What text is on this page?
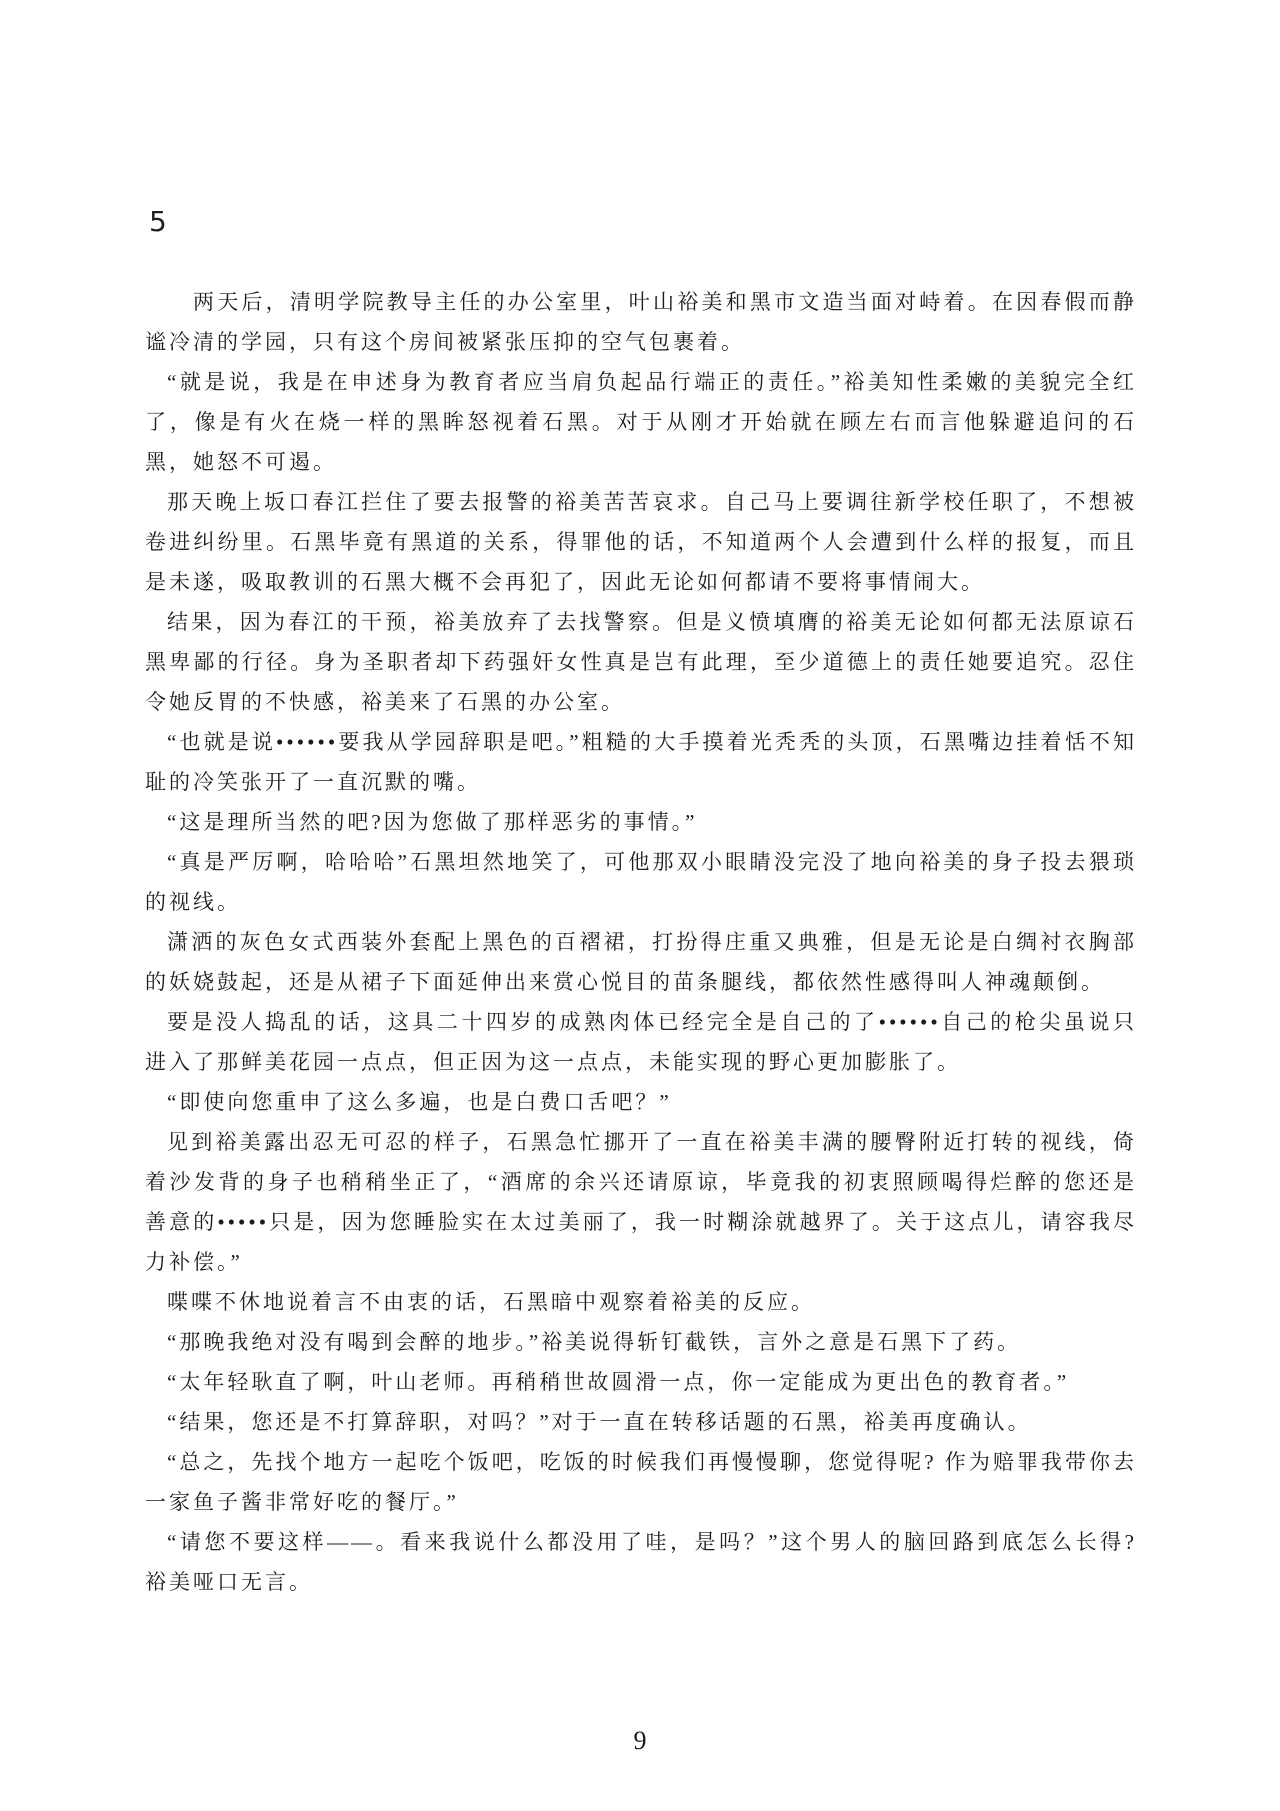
5

两天后，清明学院教导主任的办公室里，叶山裕美和黑市文造当面对峙着。在因春假而静谧冷清的学园，只有这个房间被紧张压抑的空气包裹着。

“就是说，我是在申述身为教育者应当肩负起品行端正的责任。”裕美知性柔嫩的美貌完全红了，像是有火在烧一样的黑眸怒视着石黑。对于从刚才开始就在顾左右而言他躲避追问的石黑，她怒不可遏。

那天晚上坂口春江拦住了要去报警的裕美苦苦哀求。自己马上要调往新学校任职了，不想被卷进纠纷里。石黑毕竟有黑道的关系，得罪他的话，不知道两个人会遭到什么样的报复，而且是未遂，吸取教训的石黑大概不会再犯了，因此无论如何都请不要将事情闹大。

结果，因为春江的干预，裕美放弃了去找警察。但是义愤填膺的裕美无论如何都无法原谅石黑卑鄙的行径。身为圣职者却下药强奸女性真是岂有此理，至少道德上的责任她要追究。忍住令她反胃的不快感，裕美来了石黑的办公室。

“也就是说••••••要我从学园辞职是吧。”粗糙的大手摸着光秃秃的头顶，石黑嘴边挂着恬不知耻的冷笑张开了一直沉默的嘴。

“这是理所当然的吧?因为您做了那样恶劣的事情。”

“真是严厉啊，哈哈哈”石黑坦然地笑了，可他那双小眼睛没完没了地向裕美的身子投去猥琐的视线。

潇洒的灰色女式西装外套配上黑色的百褶裙，打扮得庄重又典雅，但是无论是白绸衬衣胸部的妖娆鼓起，还是从裙子下面延伸出来赏心悦目的苗条腿线，都依然性感得叫人神魂颠倒。

要是没人捣乱的话，这具二十四岁的成熟肉体已经完全是自己的了••••••自己的枪尖虽说只进入了那鲜美花园一点点，但正因为这一点点，未能实现的野心更加膨胀了。

“即使向您重申了这么多遍，也是白费口舌吧？”

见到裕美露出忍无可忍的样子，石黑急忙挪开了一直在裕美丰满的腰臀附近打转的视线，倚着沙发背的身子也稍稍坐正了，“酒席的余兴还请原谅，毕竟我的初衷照顾喝得烂醉的您还是善意的•••••只是，因为您睡脸实在太过美丽了，我一时糊涂就越界了。关于这点儿，请容我尽力补偿。”

喋喋不休地说着言不由衷的话，石黑暗中观察着裕美的反应。

“那晚我绝对没有喝到会醉的地步。”裕美说得斩钉截铁，言外之意是石黑下了药。

“太年轻耿直了啊，叶山老师。再稍稍世故圆滑一点，你一定能成为更出色的教育者。”

“结果，您还是不打算辞职，对吗？”对于一直在转移话题的石黑，裕美再度确认。

“总之，先找个地方一起吃个饭吧，吃饭的时候我们再慢慢聊，您觉得呢? 作为赔罪我带你去一家鱼子酱非常好吃的餐厅。”

“请您不要这样——。看来我说什么都没用了哇，是吗？”这个男人的脑回路到底怎么长得? 裕美哑口无言。

9
